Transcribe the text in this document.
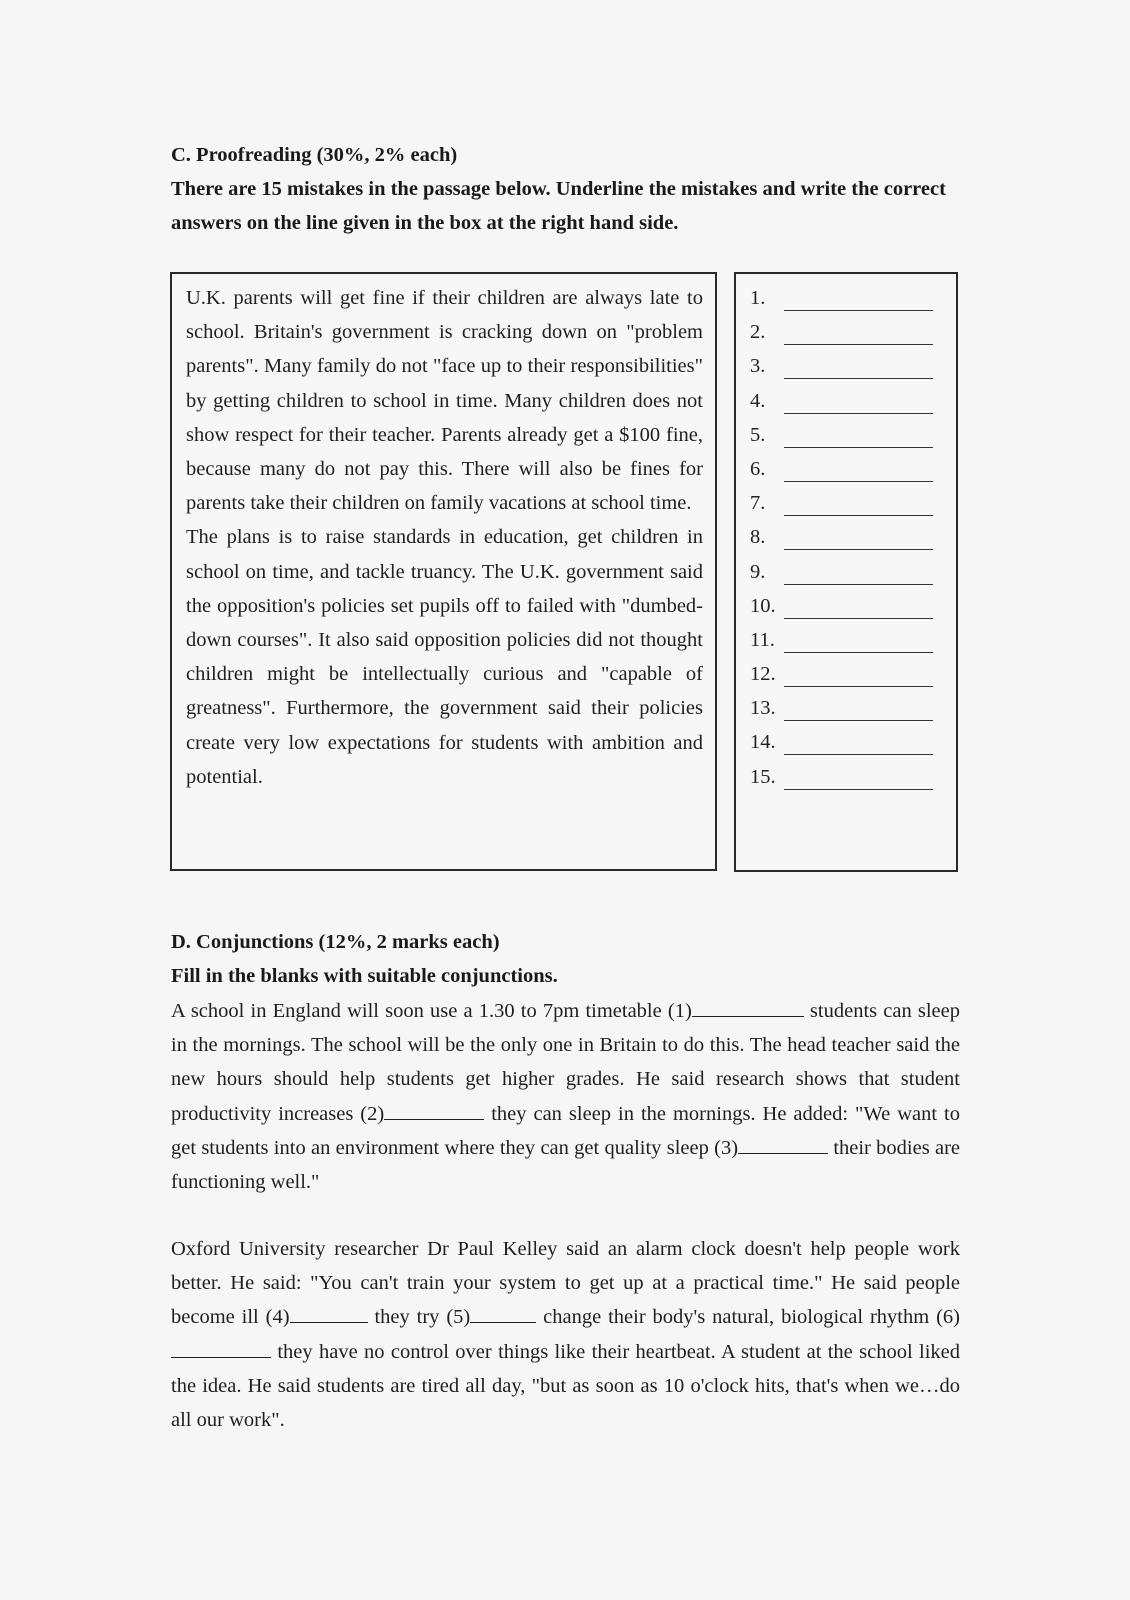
C. Proofreading (30%, 2% each)
There are 15 mistakes in the passage below. Underline the mistakes and write the correct answers on the line given in the box at the right hand side.

U.K. parents will get fine if their children are always late to school. Britain's government is cracking down on "problem parents". Many family do not "face up to their responsibilities" by getting children to school in time. Many children does not show respect for their teacher. Parents already get a $100 fine, because many do not pay this. There will also be fines for parents take their children on family vacations at school time.

The plans is to raise standards in education, get children in school on time, and tackle truancy. The U.K. government said the opposition's policies set pupils off to failed with "dumbed-down courses". It also said opposition policies did not thought children might be intellectually curious and "capable of greatness". Furthermore, the government said their policies create very low expectations for students with ambition and potential.

1.
2.
3.
4.
5.
6.
7.
8.
9.
10.
11.
12.
13.
14.
15.
D. Conjunctions (12%, 2 marks each)
Fill in the blanks with suitable conjunctions.

A school in England will soon use a 1.30 to 7pm timetable (1)	students can sleep in the mornings. The school will be the only one in Britain to do this. The head teacher said the new hours should help students get higher grades. He said research shows that student productivity increases (2)	they can sleep in the mornings. He added: "We want to get students into an environment where they can get quality sleep (3)	their bodies are functioning well."

Oxford University researcher Dr Paul Kelley said an alarm clock doesn't help people work better. He said: "You can't train your system to get up at a practical time." He said people become ill (4)	they try (5)	change their body's natural, biological rhythm (6) they have no control over things like their heartbeat. A student at the school liked the idea. He said students are tired all day, "but as soon as 10 o'clock hits, that's when we…do all our work".
